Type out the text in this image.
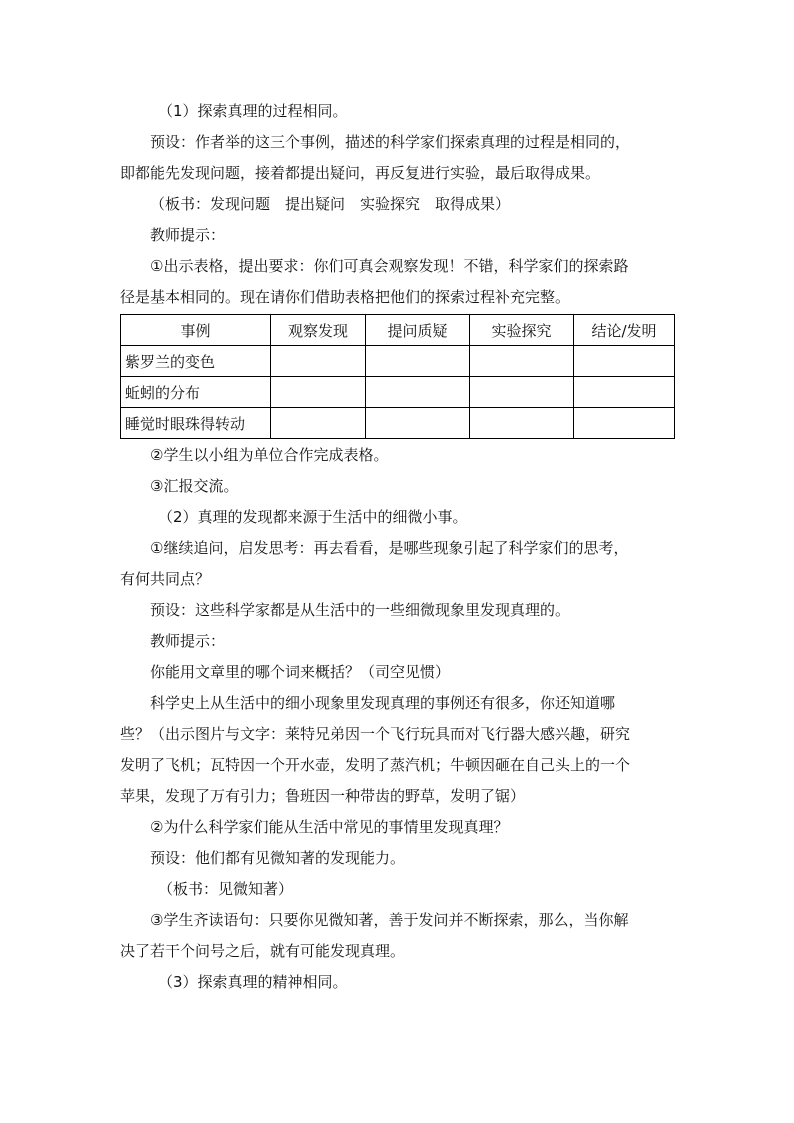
（1）探索真理的过程相同。
预设：作者举的这三个事例，描述的科学家们探索真理的过程是相同的，
即都能先发现问题，接着都提出疑问，再反复进行实验，最后取得成果。
（板书：发现问题　提出疑问　实验探究　取得成果）
教师提示：
①出示表格，提出要求：你们可真会观察发现！不错，科学家们的探索路
径是基本相同的。现在请你们借助表格把他们的探索过程补充完整。
事例	观察发现	提问质疑	实验探究	结论/发明
紫罗兰的变色				
蚯蚓的分布				
睡觉时眼珠得转动				
②学生以小组为单位合作完成表格。
③汇报交流。
（2）真理的发现都来源于生活中的细微小事。
①继续追问，启发思考：再去看看，是哪些现象引起了科学家们的思考，
有何共同点？
预设：这些科学家都是从生活中的一些细微现象里发现真理的。
教师提示：
你能用文章里的哪个词来概括？（司空见惯）
科学史上从生活中的细小现象里发现真理的事例还有很多，你还知道哪
些？（出示图片与文字：莱特兄弟因一个飞行玩具而对飞行器大感兴趣，研究
发明了飞机；瓦特因一个开水壶，发明了蒸汽机；牛顿因砸在自己头上的一个
苹果，发现了万有引力；鲁班因一种带齿的野草，发明了锯）
②为什么科学家们能从生活中常见的事情里发现真理？
预设：他们都有见微知著的发现能力。
（板书：见微知著）
③学生齐读语句：只要你见微知著，善于发问并不断探索，那么，当你解
决了若干个问号之后，就有可能发现真理。
（3）探索真理的精神相同。
